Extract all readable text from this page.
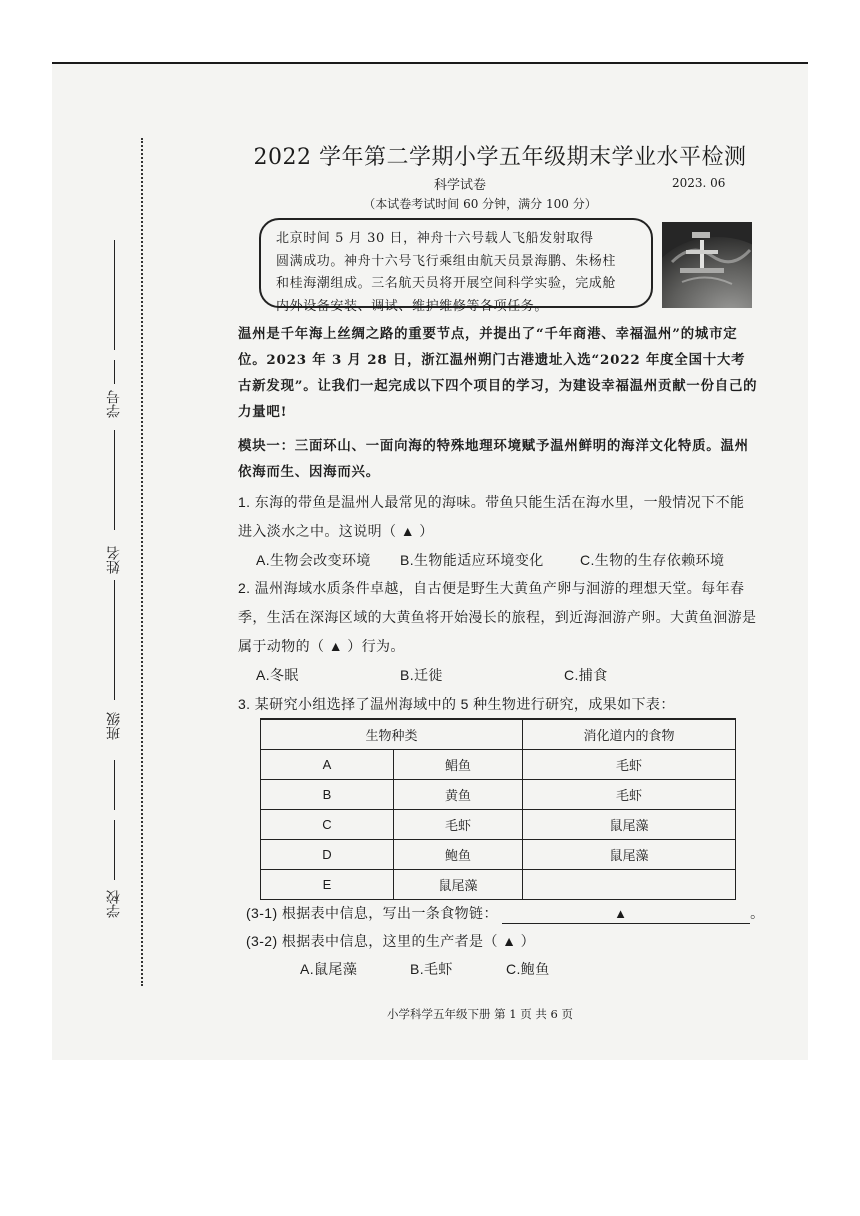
学号
姓名
班级
学校
2022 学年第二学期小学五年级期末学业水平检测
科学试卷	2023. 06
（本试卷考试时间 60 分钟，满分 100 分）
北京时间 5 月 30 日，神舟十六号载人飞船发射取得
圆满成功。神舟十六号飞行乘组由航天员景海鹏、朱杨柱
和桂海潮组成。三名航天员将开展空间科学实验，完成舱
内外设备安装、调试、维护维修等各项任务。
温州是千年海上丝绸之路的重要节点，并提出了“千年商港、幸福温州”的城市定位。2023 年 3 月 28 日，浙江温州朔门古港遗址入选“2022 年度全国十大考古新发现”。让我们一起完成以下四个项目的学习，为建设幸福温州贡献一份自己的力量吧!
模块一：三面环山、一面向海的特殊地理环境赋予温州鲜明的海洋文化特质。温州依海而生、因海而兴。
1. 东海的带鱼是温州人最常见的海味。带鱼只能生活在海水里，一般情况下不能进入淡水之中。这说明（ ▲ ）
A.生物会改变环境 B.生物能适应环境变化	C.生物的生存依赖环境
2. 温州海域水质条件卓越，自古便是野生大黄鱼产卵与洄游的理想天堂。每年春季，生活在深海区域的大黄鱼将开始漫长的旅程，到近海洄游产卵。大黄鱼洄游是属于动物的（ ▲ ）行为。
A.冬眠	B.迁徙	C.捕食
3. 某研究小组选择了温州海域中的 5 种生物进行研究，成果如下表：
生物种类		消化道内的食物
A	鲳鱼	毛虾
B	黄鱼	毛虾
C	毛虾	鼠尾藻
D	鲍鱼	鼠尾藻
E	鼠尾藻	
(3-1) 根据表中信息，写出一条食物链：	▲	。
(3-2) 根据表中信息，这里的生产者是（ ▲ ）
A.鼠尾藻	B.毛虾	C.鲍鱼
小学科学五年级下册 第 1 页 共 6 页
